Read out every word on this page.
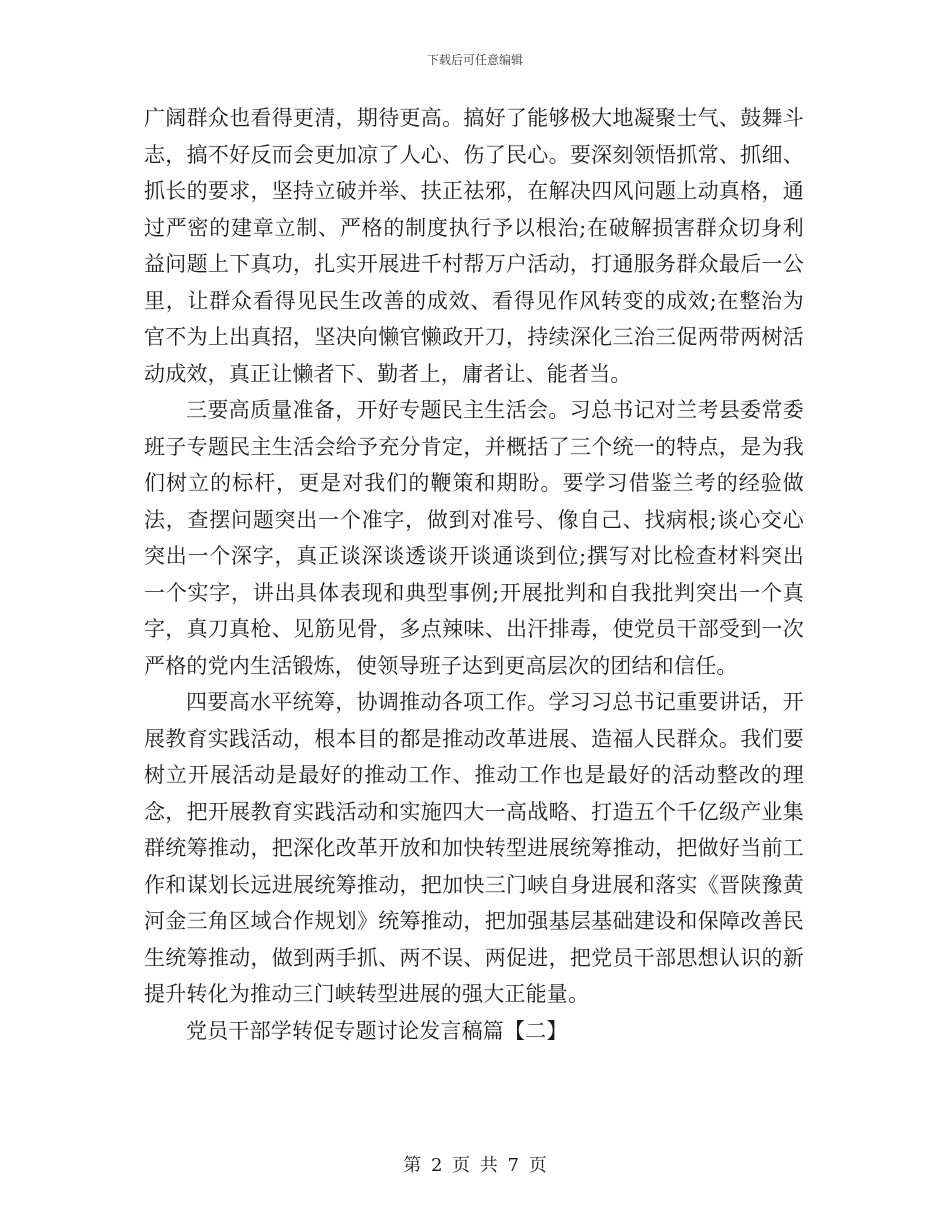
下载后可任意编辑

广阔群众也看得更清，期待更高。搞好了能够极大地凝聚士气、鼓舞斗志，搞不好反而会更加凉了人心、伤了民心。要深刻领悟抓常、抓细、抓长的要求，坚持立破并举、扶正祛邪，在解决四风问题上动真格，通过严密的建章立制、严格的制度执行予以根治;在破解损害群众切身利益问题上下真功，扎实开展进千村帮万户活动，打通服务群众最后一公里，让群众看得见民生改善的成效、看得见作风转变的成效;在整治为官不为上出真招，坚决向懒官懒政开刀，持续深化三治三促两带两树活动成效，真正让懒者下、勤者上，庸者让、能者当。

三要高质量准备，开好专题民主生活会。习总书记对兰考县委常委班子专题民主生活会给予充分肯定，并概括了三个统一的特点，是为我们树立的标杆，更是对我们的鞭策和期盼。要学习借鉴兰考的经验做法，查摆问题突出一个准字，做到对准号、像自己、找病根;谈心交心突出一个深字，真正谈深谈透谈开谈通谈到位;撰写对比检查材料突出一个实字，讲出具体表现和典型事例;开展批判和自我批判突出一个真字，真刀真枪、见筋见骨，多点辣味、出汗排毒，使党员干部受到一次严格的党内生活锻炼，使领导班子达到更高层次的团结和信任。

四要高水平统筹，协调推动各项工作。学习习总书记重要讲话，开展教育实践活动，根本目的都是推动改革进展、造福人民群众。我们要树立开展活动是最好的推动工作、推动工作也是最好的活动整改的理念，把开展教育实践活动和实施四大一高战略、打造五个千亿级产业集群统筹推动，把深化改革开放和加快转型进展统筹推动，把做好当前工作和谋划长远进展统筹推动，把加快三门峡自身进展和落实《晋陕豫黄河金三角区域合作规划》统筹推动，把加强基层基础建设和保障改善民生统筹推动，做到两手抓、两不误、两促进，把党员干部思想认识的新提升转化为推动三门峡转型进展的强大正能量。

党员干部学转促专题讨论发言稿篇【二】

第 2 页 共 7 页
